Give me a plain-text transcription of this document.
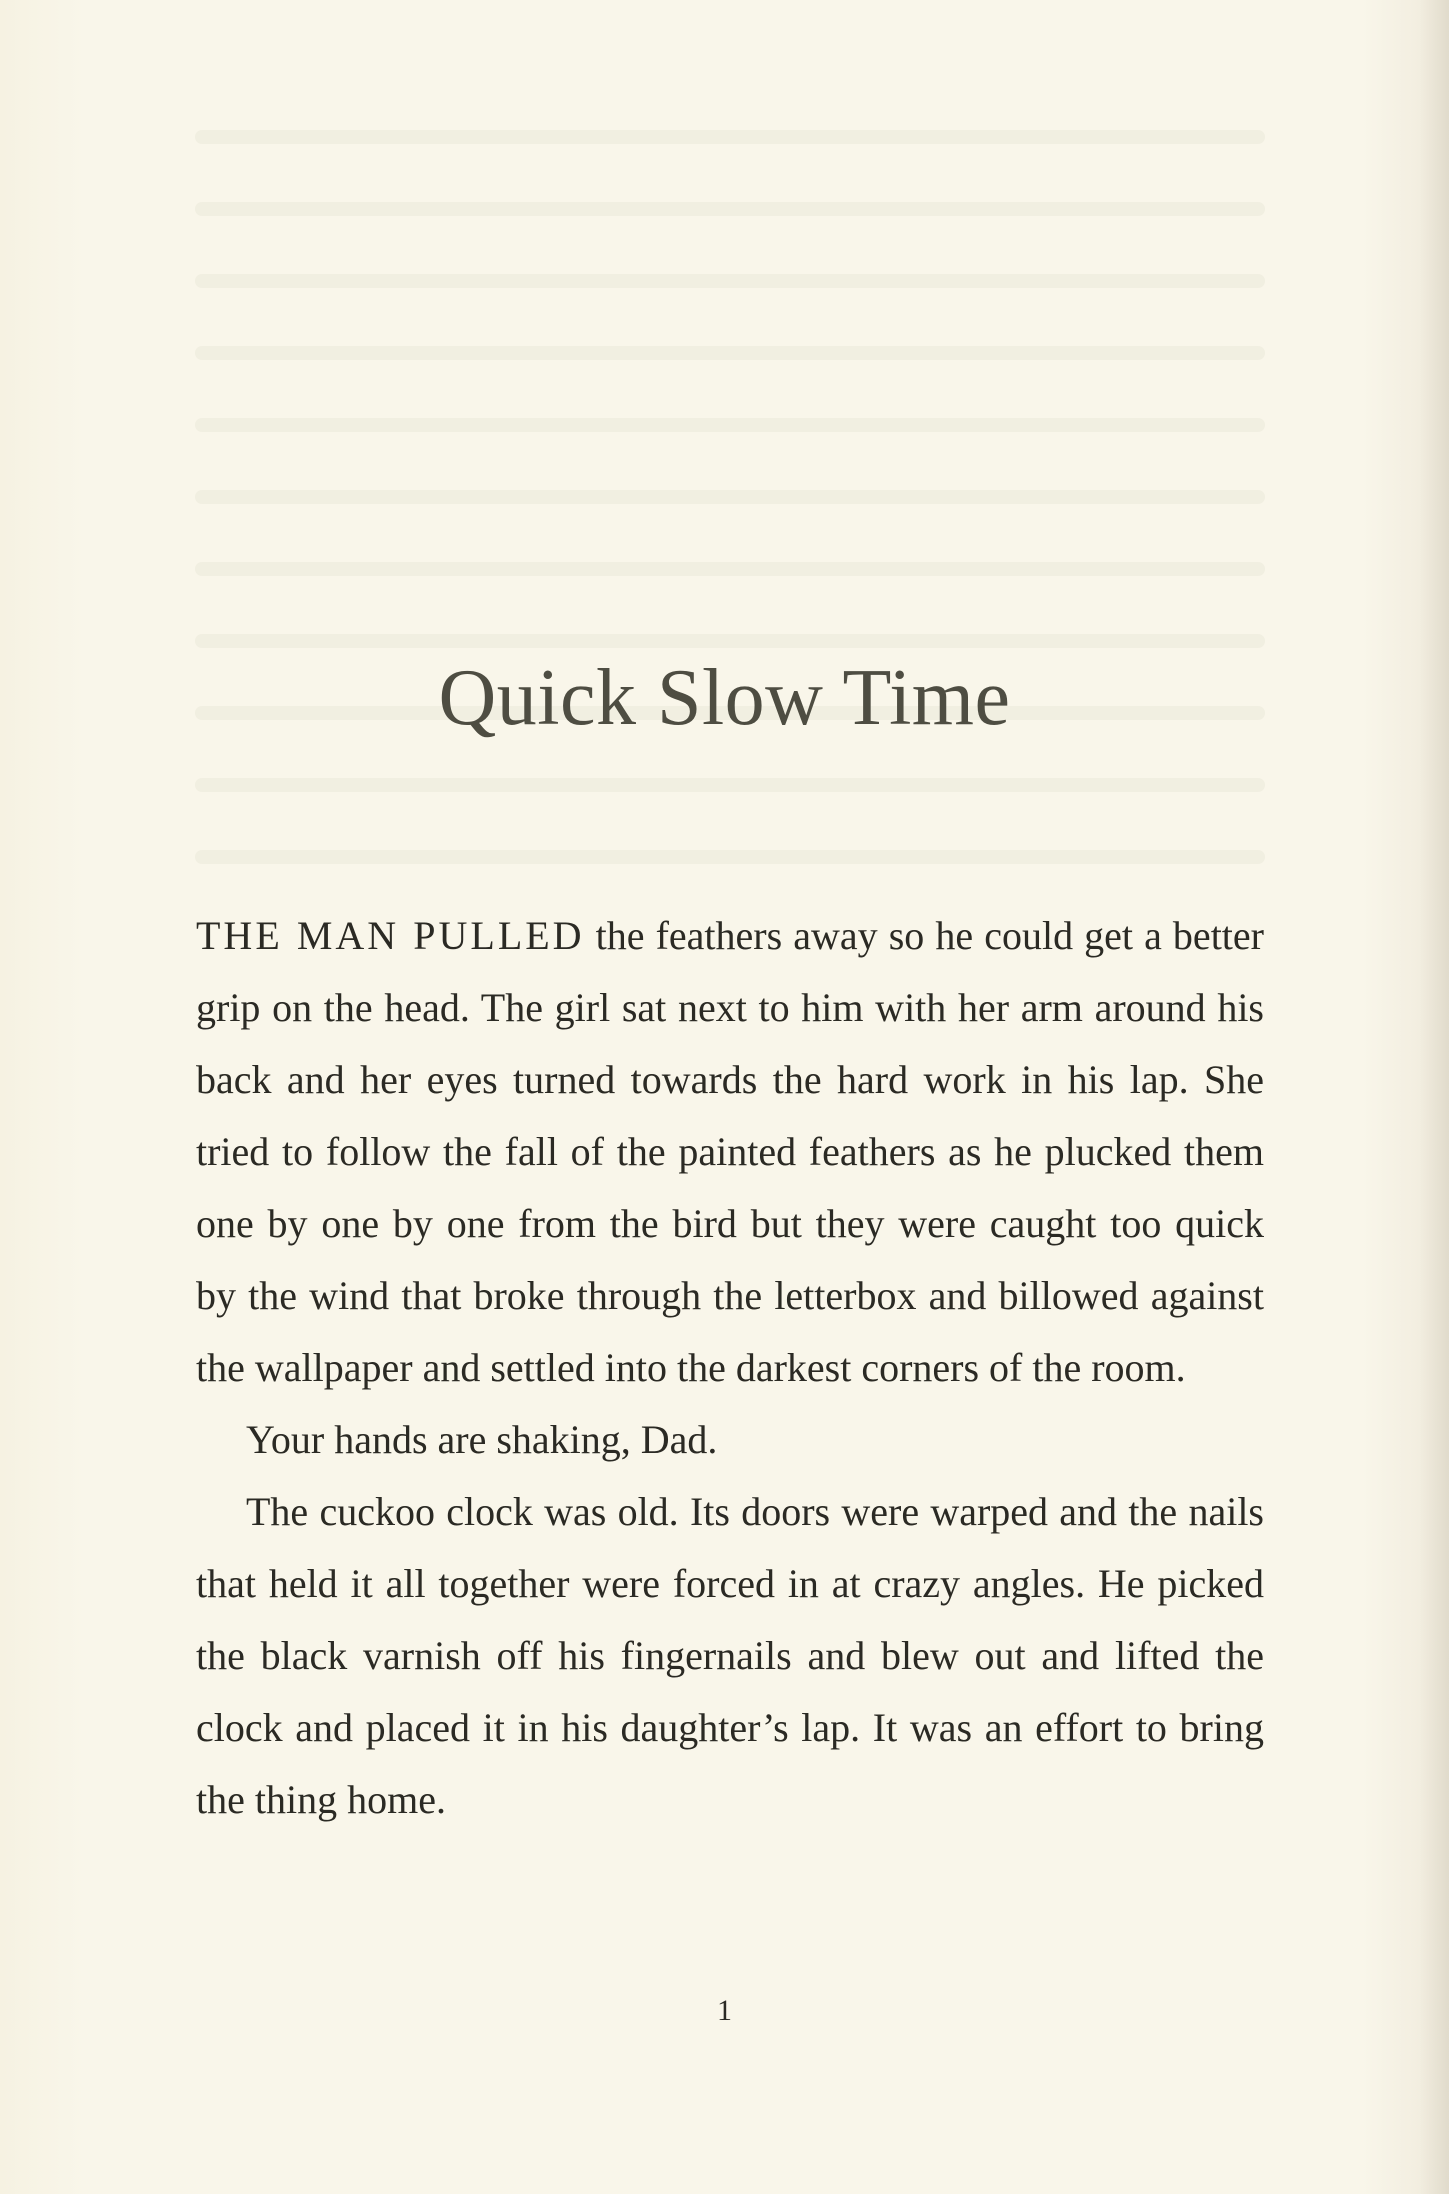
Quick Slow Time

THE MAN PULLED the feathers away so he could get a better grip on the head. The girl sat next to him with her arm around his back and her eyes turned towards the hard work in his lap. She tried to follow the fall of the painted feathers as he plucked them one by one by one from the bird but they were caught too quick by the wind that broke through the letterbox and billowed against the wallpaper and settled into the darkest corners of the room.

Your hands are shaking, Dad.

The cuckoo clock was old. Its doors were warped and the nails that held it all together were forced in at crazy angles. He picked the black varnish off his fingernails and blew out and lifted the clock and placed it in his daughter’s lap. It was an effort to bring the thing home.

1
